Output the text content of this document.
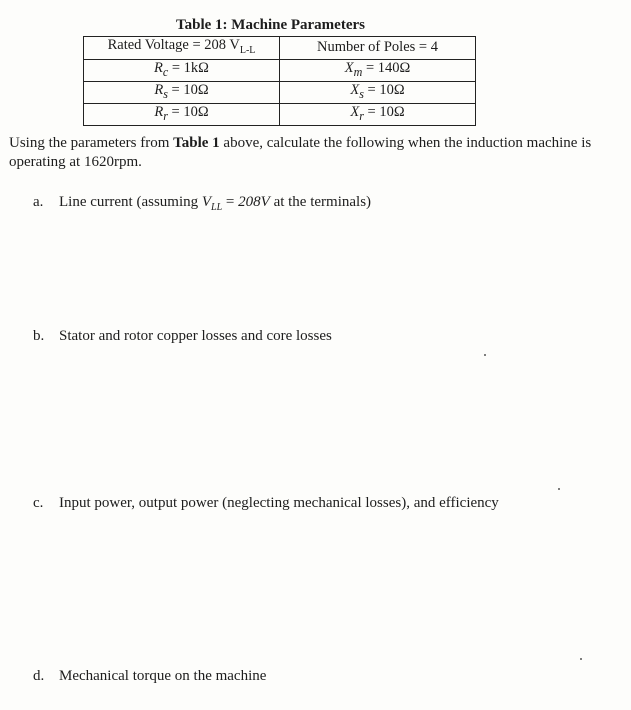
Table 1: Machine Parameters
Rated Voltage = 208 $V_{L-L}$	Number of Poles = 4
$R_c = 1k\Omega$	$X_m = 140\Omega$
$R_s = 10\Omega$	$X_s = 10\Omega$
$R_r = 10\Omega$	$X_r = 10\Omega$
Using the parameters from Table 1 above, calculate the following when the induction machine is operating at 1620rpm.
a. Line current (assuming $V_{LL} = 208V$ at the terminals)
b. Stator and rotor copper losses and core losses
c. Input power, output power (neglecting mechanical losses), and efficiency
d. Mechanical torque on the machine
